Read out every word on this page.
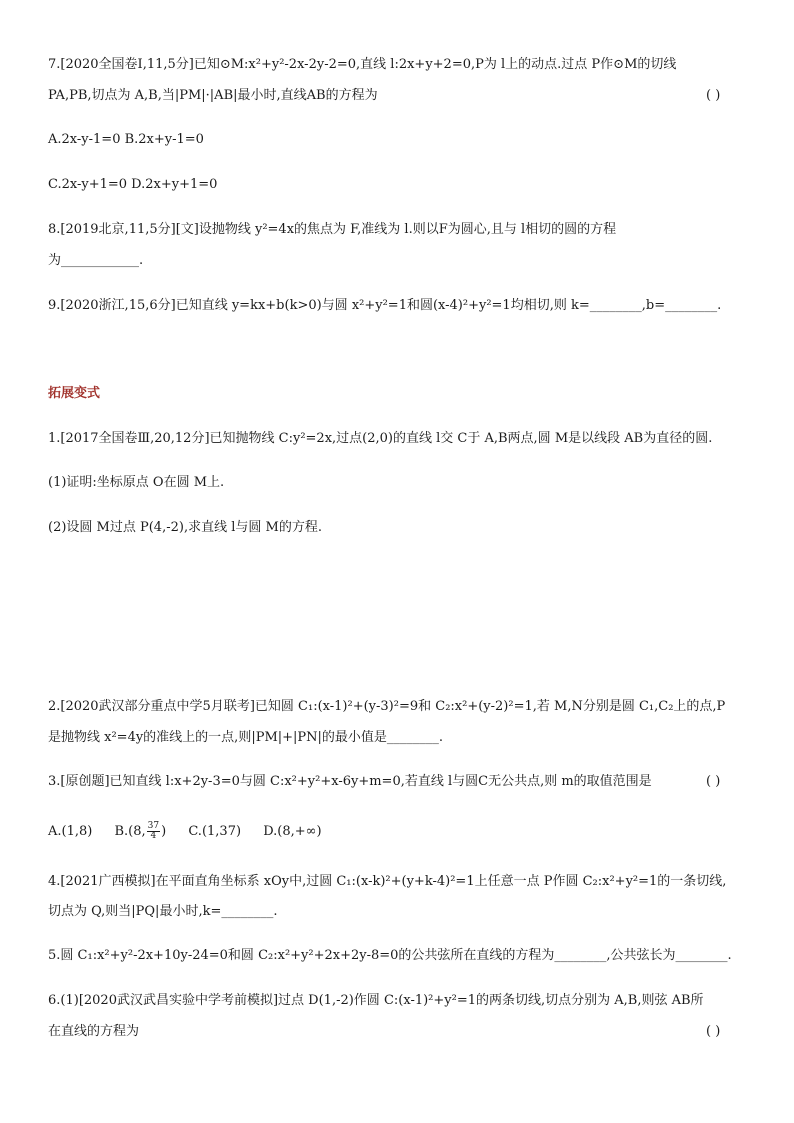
7.[2020全国卷Ⅰ,11,5分]已知⊙M:x²+y²-2x-2y-2=0,直线 l:2x+y+2=0,P为 l上的动点.过点 P作⊙M的切线
PA,PB,切点为 A,B,当|PM|·|AB|最小时,直线AB的方程为	( )
A.2x-y-1=0 B.2x+y-1=0
C.2x-y+1=0 D.2x+y+1=0
8.[2019北京,11,5分][文]设抛物线 y²=4x的焦点为 F,准线为 l.则以F为圆心,且与 l相切的圆的方程
为____________.
9.[2020浙江,15,6分]已知直线 y=kx+b(k>0)与圆 x²+y²=1和圆(x-4)²+y²=1均相切,则 k=________,b=________.
拓展变式
1.[2017全国卷Ⅲ,20,12分]已知抛物线 C:y²=2x,过点(2,0)的直线 l交 C于 A,B两点,圆 M是以线段 AB为直径的圆.
(1)证明:坐标原点 O在圆 M上.
(2)设圆 M过点 P(4,-2),求直线 l与圆 M的方程.
2.[2020武汉部分重点中学5月联考]已知圆 C₁:(x-1)²+(y-3)²=9和 C₂:x²+(y-2)²=1,若 M,N分别是圆 C₁,C₂上的点,P
是抛物线 x²=4y的准线上的一点,则|PM|+|PN|的最小值是________.
3.[原创题]已知直线 l:x+2y-3=0与圆 C:x²+y²+x-6y+m=0,若直线 l与圆C无公共点,则 m的取值范围是	( )
A.(1,8) B.(8, $\frac{37}{4}$ ) C.(1,37) D.(8,+∞)
4.[2021广西模拟]在平面直角坐标系 xOy中,过圆 C₁:(x-k)²+(y+k-4)²=1上任意一点 P作圆 C₂:x²+y²=1的一条切线,
切点为 Q,则当|PQ|最小时,k=________.
5.圆 C₁:x²+y²-2x+10y-24=0和圆 C₂:x²+y²+2x+2y-8=0的公共弦所在直线的方程为________,公共弦长为________.
6.(1)[2020武汉武昌实验中学考前模拟]过点 D(1,-2)作圆 C:(x-1)²+y²=1的两条切线,切点分别为 A,B,则弦 AB所
在直线的方程为	( )
